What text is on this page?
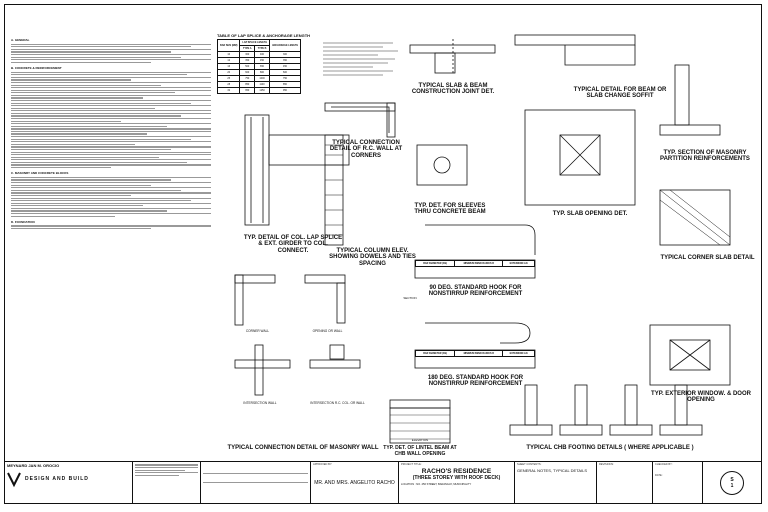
A. GENERAL
B. CONCRETE & REINFORCEMENT
C. MASONRY AND CONCRETE BLOCKS
D. FOUNDATION
TABLE OF LAP SPLICE & ANCHORAGE LENGTH
BAR SIZE (MM)	LAP SPLICE LENGTH		ANCHORAGE LENGTH
	TYPE A	TYPE B	
10	300	400	300
12	350	450	350
16	500	650	450
20	600	800	600
25	750	1000	750
28	850	1100	850
32	950	1250	950
BAR DIAMETER (Db)	MINIMUM BEND RADIUS R	EXTENSION L/E
BAR DIAMETER (Db)	MINIMUM BEND RADIUS R	EXTENSION L/E
TYPICAL CONNECTION DETAIL OF R.C. WALL AT CORNERS
TYPICAL SLAB & BEAM CONSTRUCTION JOINT DET.	TYPICAL DETAIL FOR BEAM OR SLAB CHANGE SOFFIT
TYP. SECTION OF MASONRY PARTITION REINFORCEMENTS
TYP. DETAIL OF COL. LAP SPLICE & EXT. GIRDER TO COL. CONNECT.	TYPICAL COLUMN ELEV. SHOWING DOWELS AND TIES SPACING
TYP. DET. FOR SLEEVES THRU CONCRETE BEAM	TYP. SLAB OPENING DET.
TYPICAL CORNER SLAB DETAIL
90 DEG. STANDARD HOOK FOR NONSTIRRUP REINFORCEMENT
180 DEG. STANDARD HOOK FOR NONSTIRRUP REINFORCEMENT
TYP. EXTERIOR WINDOW. & DOOR OPENING
TYPICAL CONNECTION DETAIL OF MASONRY WALL TYP. DET. OF LINTEL BEAM AT CHB WALL OPENING
TYPICAL CHB FOOTING DETAILS ( WHERE APPLICABLE )
CORNER WALL	OPENING OR WALL
INTERSECTION WALL	INTERSECTION R.C. COL. OR WALL
ELEVATION
SECTION
MEYNARD JAN M. OROCIO
DESIGN AND BUILD
APPROVED BY:
MR. AND MRS. ANGELITO RACHO
PROJECT TITLE:
RACHO'S RESIDENCE
(THREE STOREY WITH ROOF DECK)
LOCATION : NO. 456 STREET, BARANGAY, MUNICIPALITY
SHEET CONTENTS:
GENERAL NOTES, TYPICAL DETAILS
REVISIONS:	CHECKED BY:
DATE:
S
1
